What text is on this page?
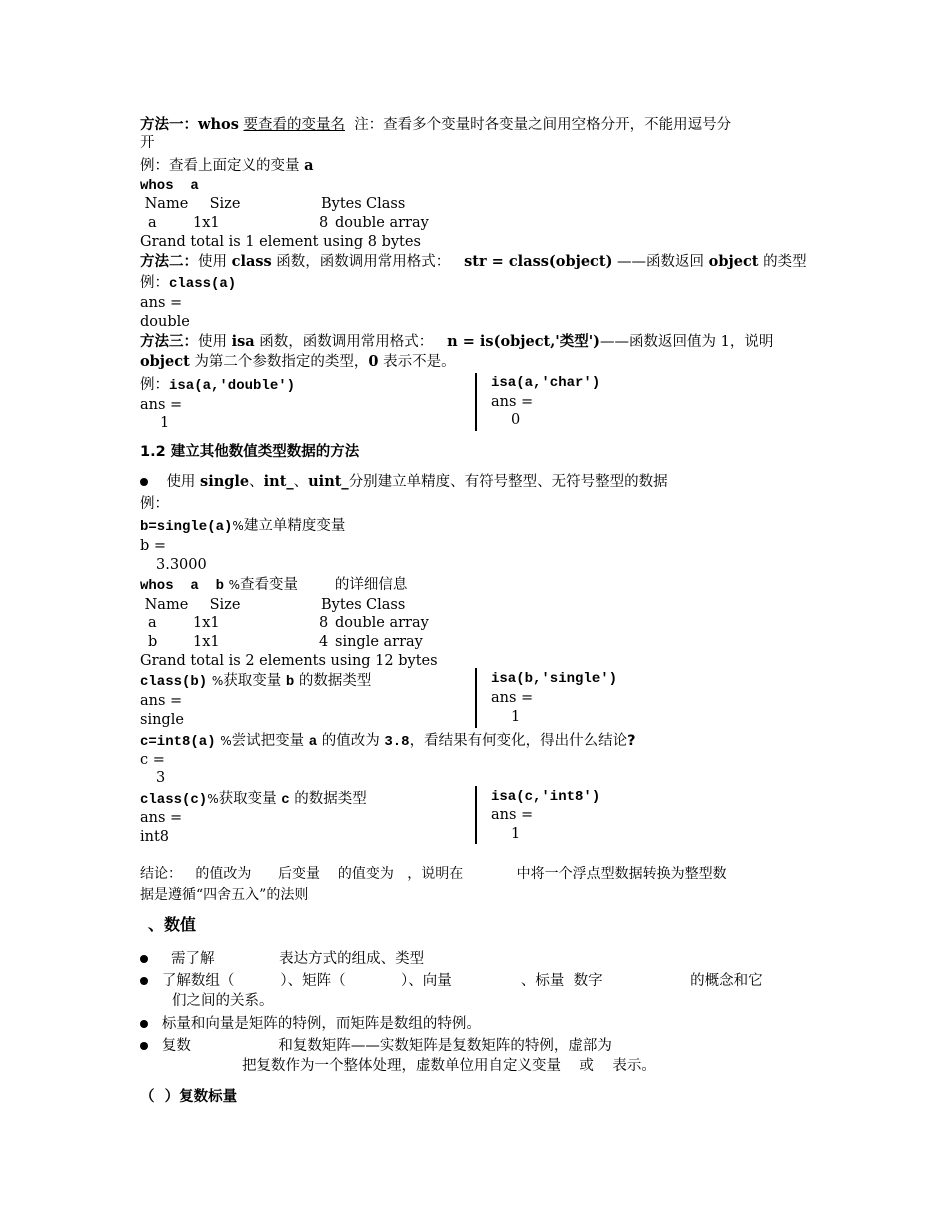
方法一：whos 要查看的变量名 注：查看多个变量时各变量之间用空格分开，不能用逗号分
开
例：查看上面定义的变量 a
whos  a
Name Size	Bytes Class
a	1x1	8 double array
Grand total is 1 element using 8 bytes
方法二：使用 class 函数，函数调用常用格式： str = class(object) ——函数返回 object 的类型
例：class(a)
ans =
double
方法三：使用 isa 函数，函数调用常用格式： n = is(object,'类型')——函数返回值为 1，说明
object 为第二个参数指定的类型，0 表示不是。
例：isa(a,'double')
ans =
1
isa(a,'char')
ans =
0
1.2 建立其他数值类型数据的方法
使用 single、int_、uint_分别建立单精度、有符号整型、无符号整型的数据
例：
b=single(a)%建立单精度变量
b =
3.3000
whos  a  b %查看变量        的详细信息
Name Size	Bytes Class
a	1x1	8 double array
b 1x1	4 single array
Grand total is 2 elements using 12 bytes
class(b) %获取变量 b 的数据类型
ans =
single
isa(b,'single')
ans =
1
c=int8(a) %尝试把变量 a 的值改为 3.8，看结果有何变化，得出什么结论?
c =
3
class(c)%获取变量 c 的数据类型
ans =
int8
isa(c,'int8')
ans =
1
结论：   的值改为      后变量    的值变为   ，说明在            中将一个浮点型数据转换为整型数
据是遵循“四舍五入”的法则
、数值
需了解              表达方式的组成、类型
了解数组（          ）、矩阵（            ）、向量               、标量  数字                   的概念和它
们之间的关系。
标量和向量是矩阵的特例，而矩阵是数组的特例。
复数                   和复数矩阵——实数矩阵是复数矩阵的特例，虚部为
把复数作为一个整体处理，虚数单位用自定义变量    或    表示。
（  ）复数标量
